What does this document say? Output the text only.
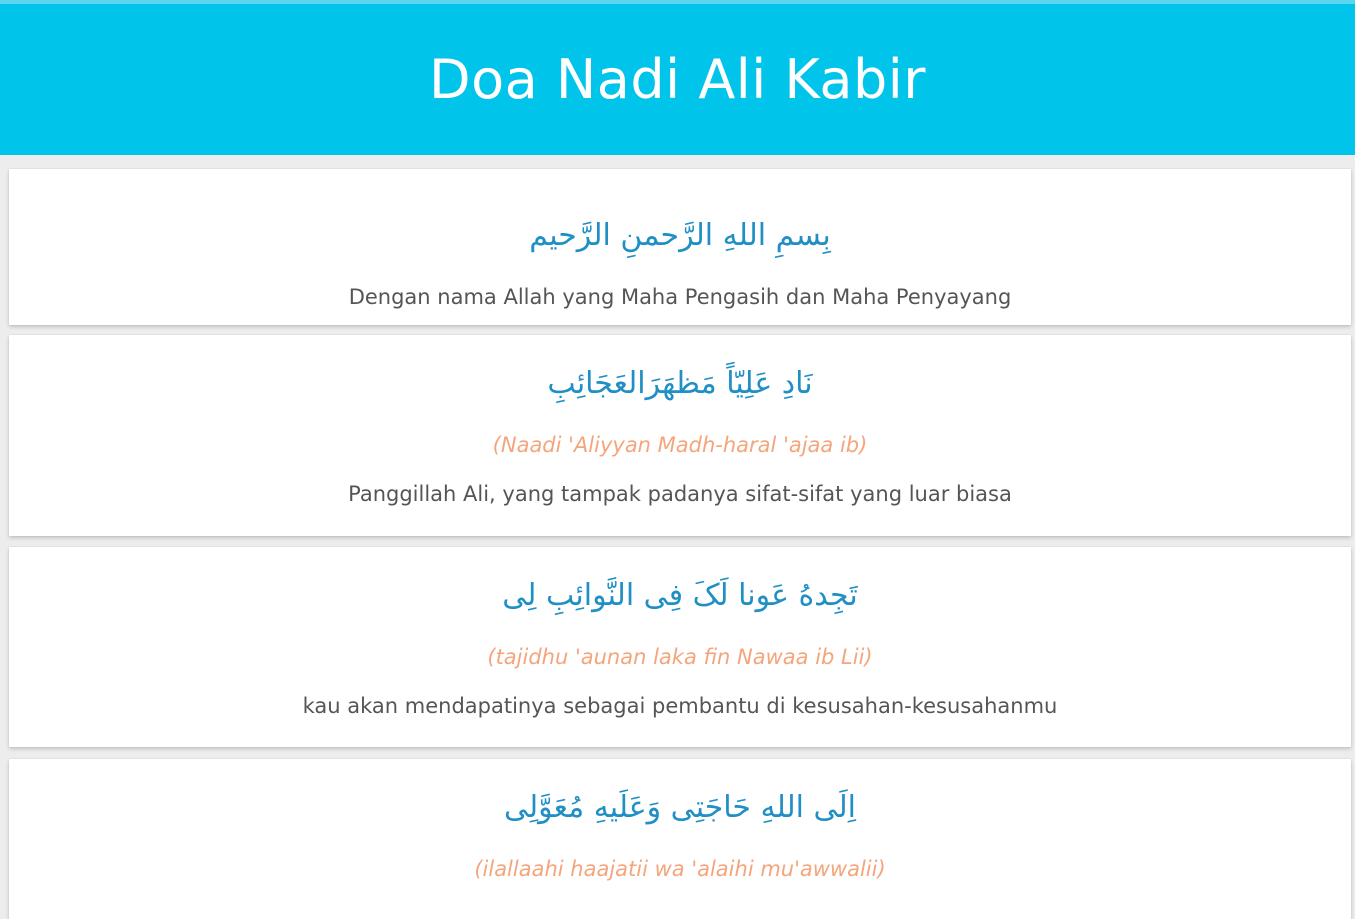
Doa Nadi Ali Kabir
بِسمِ اللهِ الرَّحمنِ الرَّحيم
Dengan nama Allah yang Maha Pengasih dan Maha Penyayang
نَادِ عَلِيّاً مَظهَرَالعَجَائِبِ
(Naadi 'Aliyyan Madh-haral 'ajaa ib)
Panggillah Ali, yang tampak padanya sifat-sifat yang luar biasa
تَجِدهُ عَونا لَکَ فِی النَّوائِبِ لِی
(tajidhu 'aunan laka fin Nawaa ib Lii)
kau akan mendapatinya sebagai pembantu di kesusahan-kesusahanmu
اِلَی اللهِ حَاجَتِی وَعَلَیهِ مُعَوَّلِی
(ilallaahi haajatii wa 'alaihi mu'awwalii)
